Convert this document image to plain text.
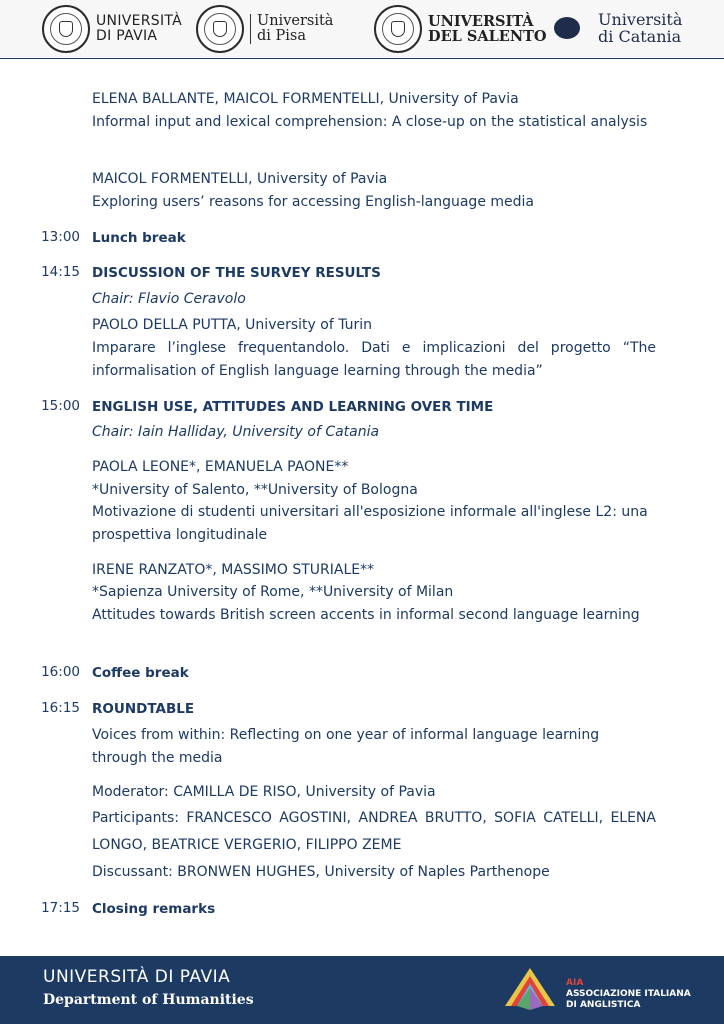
UNIVERSITÀ
DI PAVIA
Università
di Pisa
UNIVERSITÀ
DEL SALENTO
Università
di Catania
ELENA BALLANTE, MAICOL FORMENTELLI, University of Pavia
Informal input and lexical comprehension: A close-up on the statistical analysis
MAICOL FORMENTELLI, University of Pavia
Exploring users’ reasons for accessing English-language media
13:00 Lunch break
14:15 DISCUSSION OF THE SURVEY RESULTS
Chair: Flavio Ceravolo
PAOLO DELLA PUTTA, University of Turin
Imparare l’inglese frequentandolo. Dati e implicazioni del progetto “The informalisation of English language learning through the media”
15:00 ENGLISH USE, ATTITUDES AND LEARNING OVER TIME
Chair: Iain Halliday, University of Catania
PAOLA LEONE*, EMANUELA PAONE**
*University of Salento, **University of Bologna
Motivazione di studenti universitari all'esposizione informale all'inglese L2: una prospettiva longitudinale
IRENE RANZATO*, MASSIMO STURIALE**
*Sapienza University of Rome, **University of Milan
Attitudes towards British screen accents in informal second language learning
16:00 Coffee break
16:15 ROUNDTABLE
Voices from within: Reflecting on one year of informal language learning through the media
Moderator: CAMILLA DE RISO, University of Pavia
Participants: FRANCESCO AGOSTINI, ANDREA BRUTTO, SOFIA CATELLI, ELENA LONGO, BEATRICE VERGERIO, FILIPPO ZEME
Discussant: BRONWEN HUGHES, University of Naples Parthenope
17:15 Closing remarks
UNIVERSITÀ DI PAVIA
Department of Humanities
AIA
ASSOCIAZIONE ITALIANA
DI ANGLISTICA
